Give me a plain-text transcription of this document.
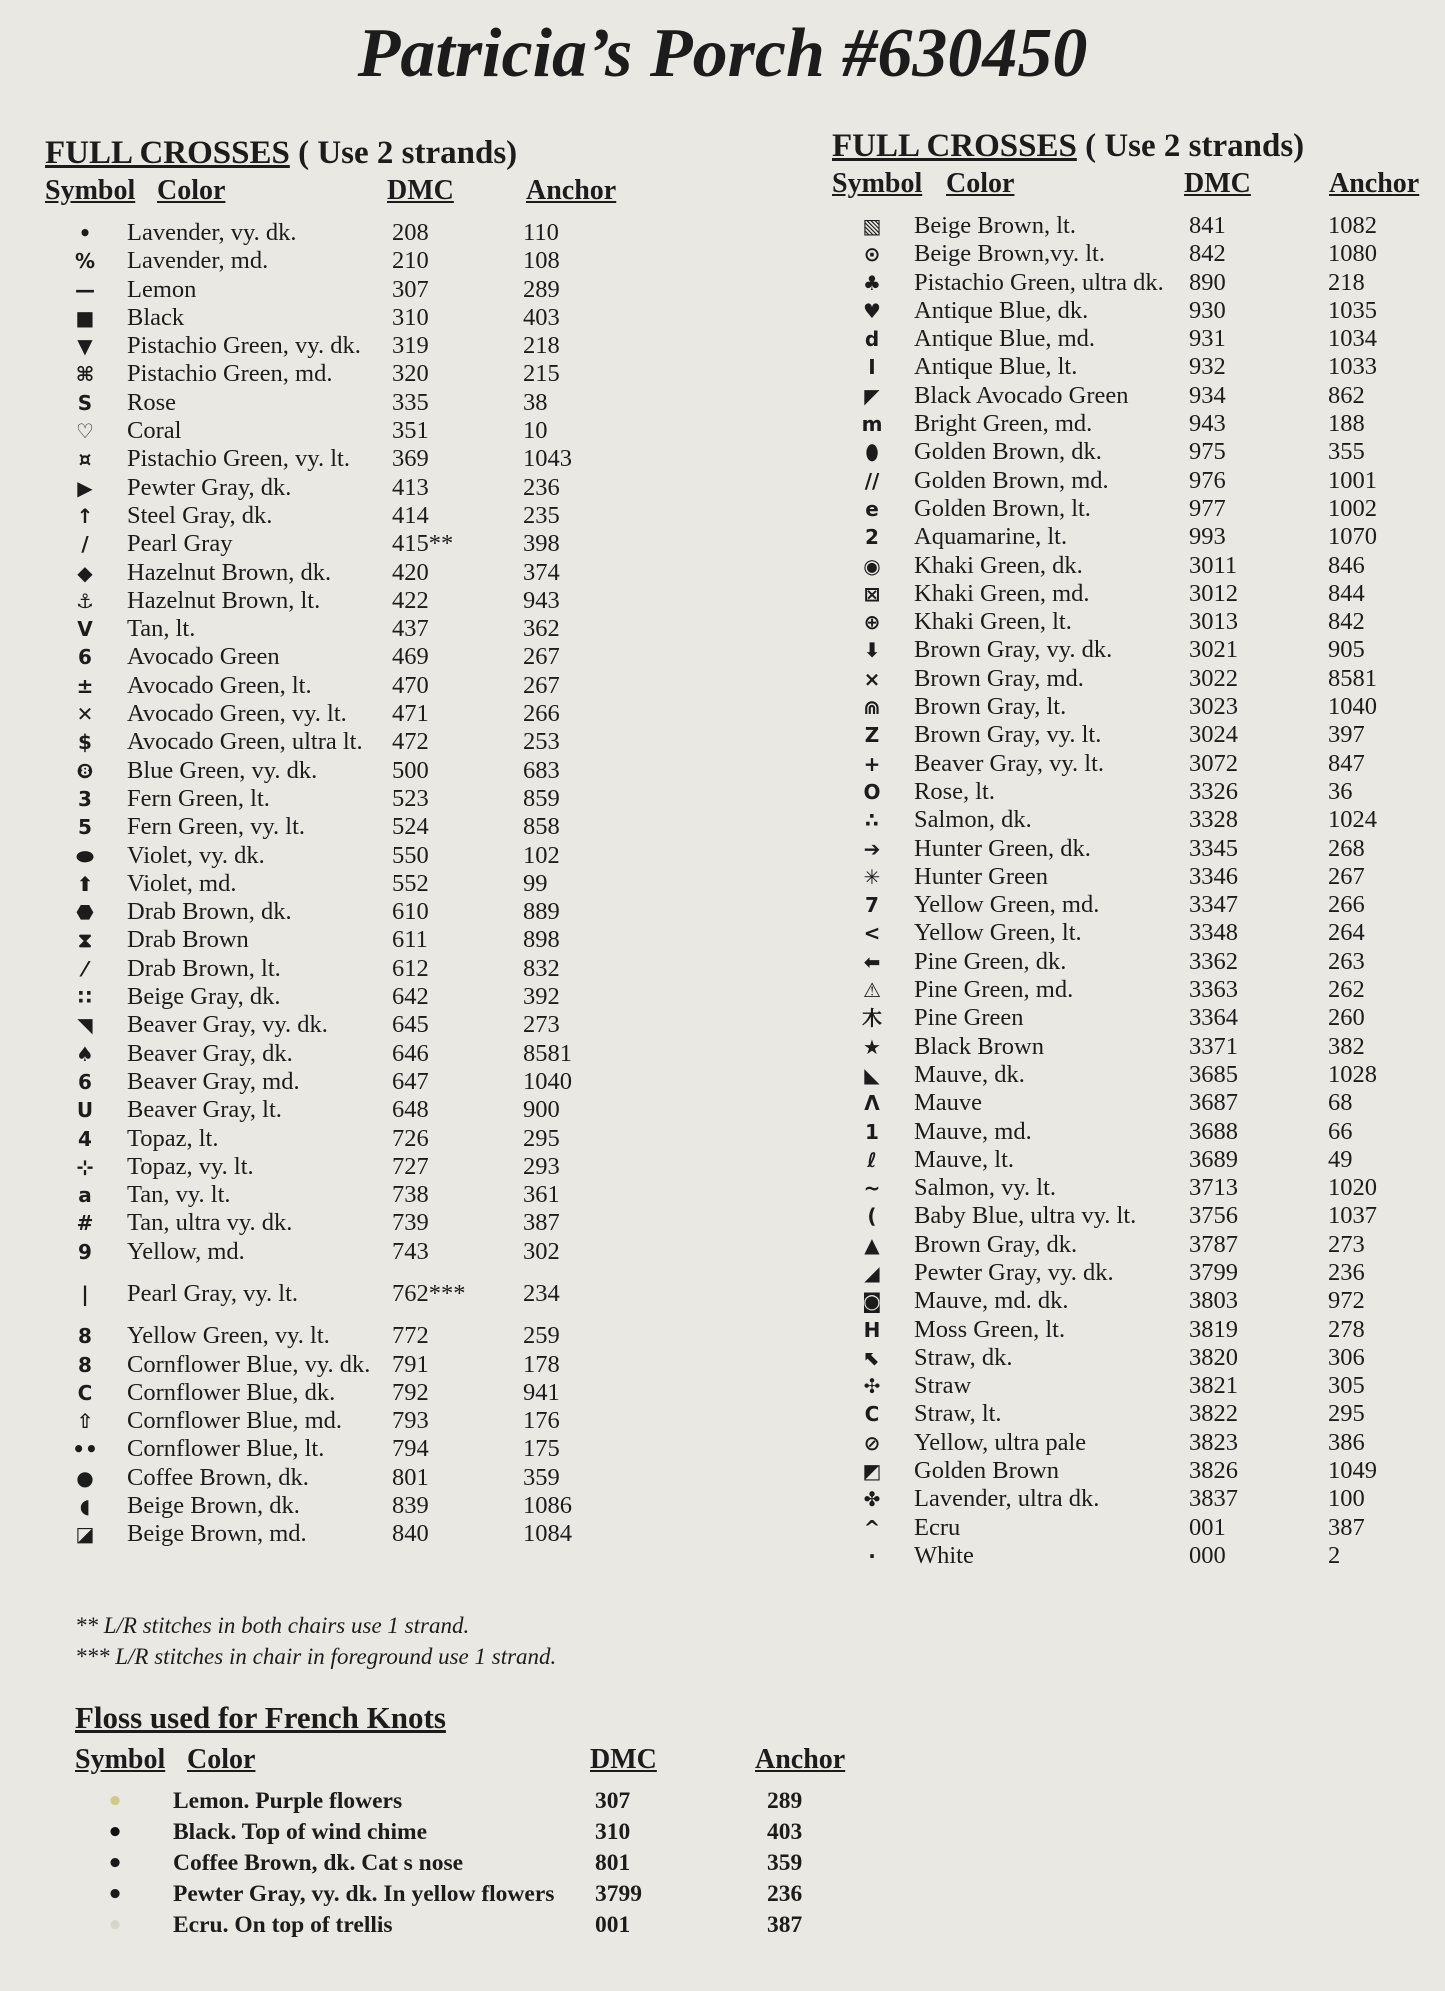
Patricia’s Porch #630450
FULL CROSSES ( Use 2 strands)
Symbol Color	DMC	Anchor
•	Lavender, vy. dk.	208	110
%	Lavender, md.	210	108
—	Lemon	307	289
■	Black	310	403
▼	Pistachio Green, vy. dk. 319	218
⌘	Pistachio Green, md. 320	215
S	Rose	335	38
♡	Coral	351	10
¤	Pistachio Green, vy. lt. 369	1043
▶	Pewter Gray, dk.	413	236
↑	Steel Gray, dk.	414	235
/	Pearl Gray	415**	398
◆	Hazelnut Brown, dk. 420	374
⚓	Hazelnut Brown, lt.	422	943
V	Tan, lt.	437	362
6	Avocado Green	469	267
±	Avocado Green, lt.	470	267
✕	Avocado Green, vy. lt. 471	266
$	Avocado Green, ultra lt. 472	253
❽	Blue Green, vy. dk.	500	683
3	Fern Green, lt.	523	859
5	Fern Green, vy. lt.	524	858
⬬	Violet, vy. dk.	550	102
⬆	Violet, md.	552	99
⬣	Drab Brown, dk.	610	889
⧗	Drab Brown	611	898
⁄	Drab Brown, lt.	612	832
∷	Beige Gray, dk.	642	392
◥	Beaver Gray, vy. dk.	645	273
♠	Beaver Gray, dk.	646	8581
6	Beaver Gray, md.	647	1040
U	Beaver Gray, lt.	648	900
4	Topaz, lt.	726	295
⊹	Topaz, vy. lt.	727	293
a	Tan, vy. lt.	738	361
#	Tan, ultra vy. dk.	739	387
9	Yellow, md.	743	302
|	Pearl Gray, vy. lt.	762*** 234
8	Yellow Green, vy. lt.	772	259
8	Cornflower Blue, vy. dk. 791	178
C	Cornflower Blue, dk. 792	941
⇧	Cornflower Blue, md. 793	176
•• Cornflower Blue, lt.	794	175
●	Coffee Brown, dk.	801	359
◖	Beige Brown, dk.	839	1086
◪	Beige Brown, md.	840	1084
FULL CROSSES ( Use 2 strands)
Symbol Color	DMC	Anchor
▧	Beige Brown, lt.	841	1082
⊙	Beige Brown,vy. lt.	842	1080
♣	Pistachio Green, ultra dk. 890	218
♥	Antique Blue, dk.	930	1035
d	Antique Blue, md.	931	1034
I	Antique Blue, lt.	932	1033
◤	Black Avocado Green 934	862
m	Bright Green, md.	943	188
⬮	Golden Brown, dk.	975	355
//	Golden Brown, md.	976	1001
e	Golden Brown, lt.	977	1002
2	Aquamarine, lt.	993	1070
◉	Khaki Green, dk.	3011	846
⊠	Khaki Green, md.	3012	844
⊕	Khaki Green, lt.	3013	842
⬇	Brown Gray, vy. dk.	3021	905
⨯	Brown Gray, md.	3022	8581
⋒	Brown Gray, lt.	3023	1040
Z	Brown Gray, vy. lt.	3024	397
+	Beaver Gray, vy. lt.	3072	847
O	Rose, lt.	3326	36
∴	Salmon, dk.	3328	1024
➔	Hunter Green, dk.	3345	268
✳	Hunter Green	3346	267
7	Yellow Green, md.	3347	266
<	Yellow Green, lt.	3348	264
⬅	Pine Green, dk.	3362	263
⚠	Pine Green, md.	3363	262
⽊	Pine Green	3364	260
★	Black Brown	3371	382
◣	Mauve, dk.	3685	1028
Λ	Mauve	3687	68
1	Mauve, md.	3688	66
ℓ	Mauve, lt.	3689	49
~	Salmon, vy. lt.	3713	1020
(	Baby Blue, ultra vy. lt. 3756	1037
▲	Brown Gray, dk.	3787	273
◢	Pewter Gray, vy. dk.	3799	236
◙	Mauve, md. dk.	3803	972
H	Moss Green, lt.	3819	278
⬉	Straw, dk.	3820	306
✣	Straw	3821	305
C	Straw, lt.	3822	295
⊘	Yellow, ultra pale	3823	386
◩	Golden Brown	3826	1049
✤	Lavender, ultra dk.	3837	100
^	Ecru	001	387
·	White	000	2
** L/R stitches in both chairs use 1 strand.
*** L/R stitches in chair in foreground use 1 strand.
Floss used for French Knots
Symbol Color	DMC	Anchor
•	Lemon. Purple flowers	307	289
•	Black. Top of wind chime	310	403
•	Coffee Brown, dk. Cat s nose	801	359
•	Pewter Gray, vy. dk. In yellow flowers 3799	236
•	Ecru. On top of trellis	001	387
